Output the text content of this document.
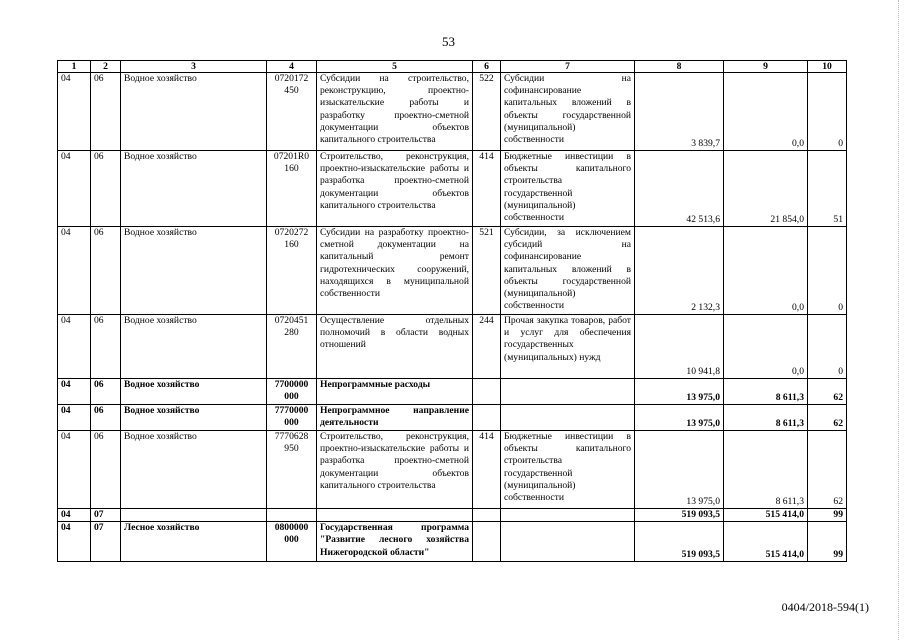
53
1	2	3	4	5	6	7	8	9	10
04	06	Водное хозяйство	0720172 450	Субсидии на строительство, реконструкцию, проектно-изыскательские работы и разработку проектно-сметной документации объектов капитального строительства	522	Субсидии на софинансирование капитальных вложений в объекты государственной (муниципальной) собственности	3 839,7	0,0	0
04	06	Водное хозяйство	07201R0 160	Строительство, реконструкция, проектно-изыскательские работы и разработка проектно-сметной документации объектов капитального строительства	414	Бюджетные инвестиции в объекты капитального строительства государственной (муниципальной) собственности	42 513,6	21 854,0	51
04	06	Водное хозяйство	0720272 160	Субсидии на разработку проектно-сметной документации на капитальный ремонт гидротехнических сооружений, находящихся в муниципальной собственности	521	Субсидии, за исключением субсидий на софинансирование капитальных вложений в объекты государственной (муниципальной) собственности	2 132,3	0,0	0
04	06	Водное хозяйство	0720451 280	Осуществление отдельных полномочий в области водных отношений	244	Прочая закупка товаров, работ и услуг для обеспечения государственных (муниципальных) нужд	10 941,8	0,0	0
04	06	Водное хозяйство	7700000 000	Непрограммные расходы			13 975,0	8 611,3	62
04	06	Водное хозяйство	7770000 000	Непрограммное направление деятельности			13 975,0	8 611,3	62
04	06	Водное хозяйство	7770628 950	Строительство, реконструкция, проектно-изыскательские работы и разработка проектно-сметной документации объектов капитального строительства	414	Бюджетные инвестиции в объекты капитального строительства государственной (муниципальной) собственности	13 975,0	8 611,3	62
04	07						519 093,5	515 414,0	99
04	07	Лесное хозяйство	0800000 000	Государственная программа "Развитие лесного хозяйства Нижегородской области"			519 093,5	515 414,0	99
0404/2018-594(1)
